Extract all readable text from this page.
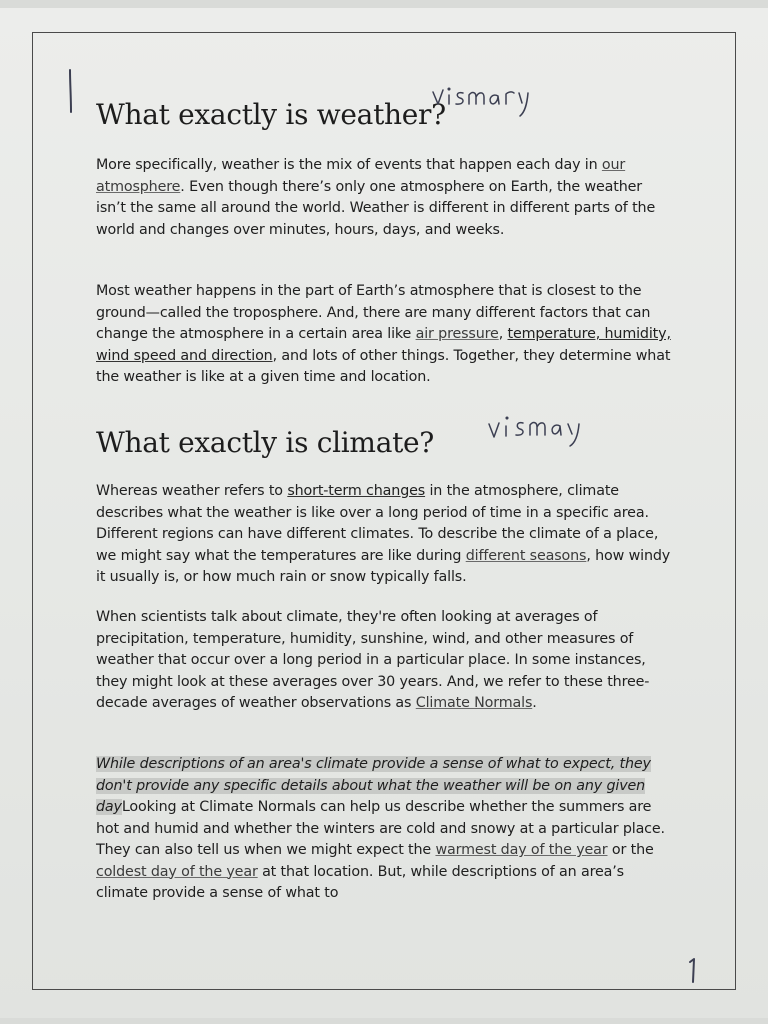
What exactly is weather?

More specifically, weather is the mix of events that happen each day in our atmosphere. Even though there’s only one atmosphere on Earth, the weather isn’t the same all around the world. Weather is different in different parts of the world and changes over minutes, hours, days, and weeks.

Most weather happens in the part of Earth’s atmosphere that is closest to the ground—called the troposphere. And, there are many different factors that can change the atmosphere in a certain area like air pressure, temperature, humidity, wind speed and direction, and lots of other things. Together, they determine what the weather is like at a given time and location.

What exactly is climate?

Whereas weather refers to short-term changes in the atmosphere, climate describes what the weather is like over a long period of time in a specific area. Different regions can have different climates. To describe the climate of a place, we might say what the temperatures are like during different seasons, how windy it usually is, or how much rain or snow typically falls.

When scientists talk about climate, they're often looking at averages of precipitation, temperature, humidity, sunshine, wind, and other measures of weather that occur over a long period in a particular place. In some instances, they might look at these averages over 30 years. And, we refer to these three-decade averages of weather observations as Climate Normals.

While descriptions of an area's climate provide a sense of what to expect, they don't provide any specific details about what the weather will be on any given dayLooking at Climate Normals can help us describe whether the summers are hot and humid and whether the winters are cold and snowy at a particular place. They can also tell us when we might expect the warmest day of the year or the coldest day of the year at that location. But, while descriptions of an area’s climate provide a sense of what to
